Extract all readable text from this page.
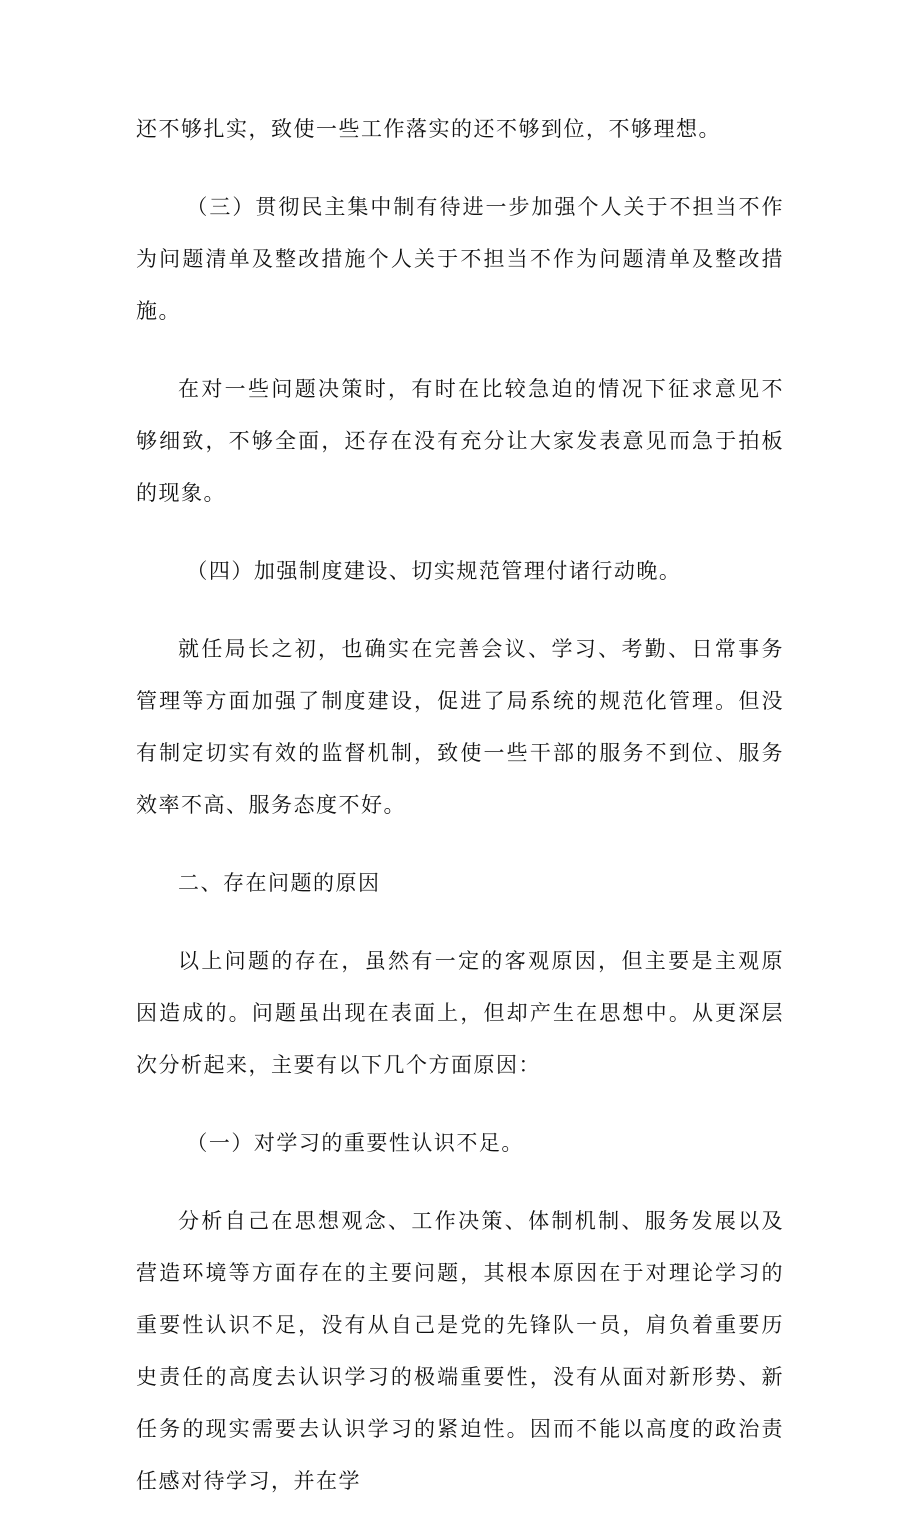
还不够扎实，致使一些工作落实的还不够到位，不够理想。

（三）贯彻民主集中制有待进一步加强个人关于不担当不作为问题清单及整改措施个人关于不担当不作为问题清单及整改措施。

在对一些问题决策时，有时在比较急迫的情况下征求意见不够细致，不够全面，还存在没有充分让大家发表意见而急于拍板的现象。

（四）加强制度建设、切实规范管理付诸行动晚。

就任局长之初，也确实在完善会议、学习、考勤、日常事务管理等方面加强了制度建设，促进了局系统的规范化管理。但没有制定切实有效的监督机制，致使一些干部的服务不到位、服务效率不高、服务态度不好。

二、存在问题的原因

以上问题的存在，虽然有一定的客观原因，但主要是主观原因造成的。问题虽出现在表面上，但却产生在思想中。从更深层次分析起来，主要有以下几个方面原因：

（一）对学习的重要性认识不足。

分析自己在思想观念、工作决策、体制机制、服务发展以及营造环境等方面存在的主要问题，其根本原因在于对理论学习的重要性认识不足，没有从自己是党的先锋队一员，肩负着重要历史责任的高度去认识学习的极端重要性，没有从面对新形势、新任务的现实需要去认识学习的紧迫性。因而不能以高度的政治责任感对待学习，并在学
